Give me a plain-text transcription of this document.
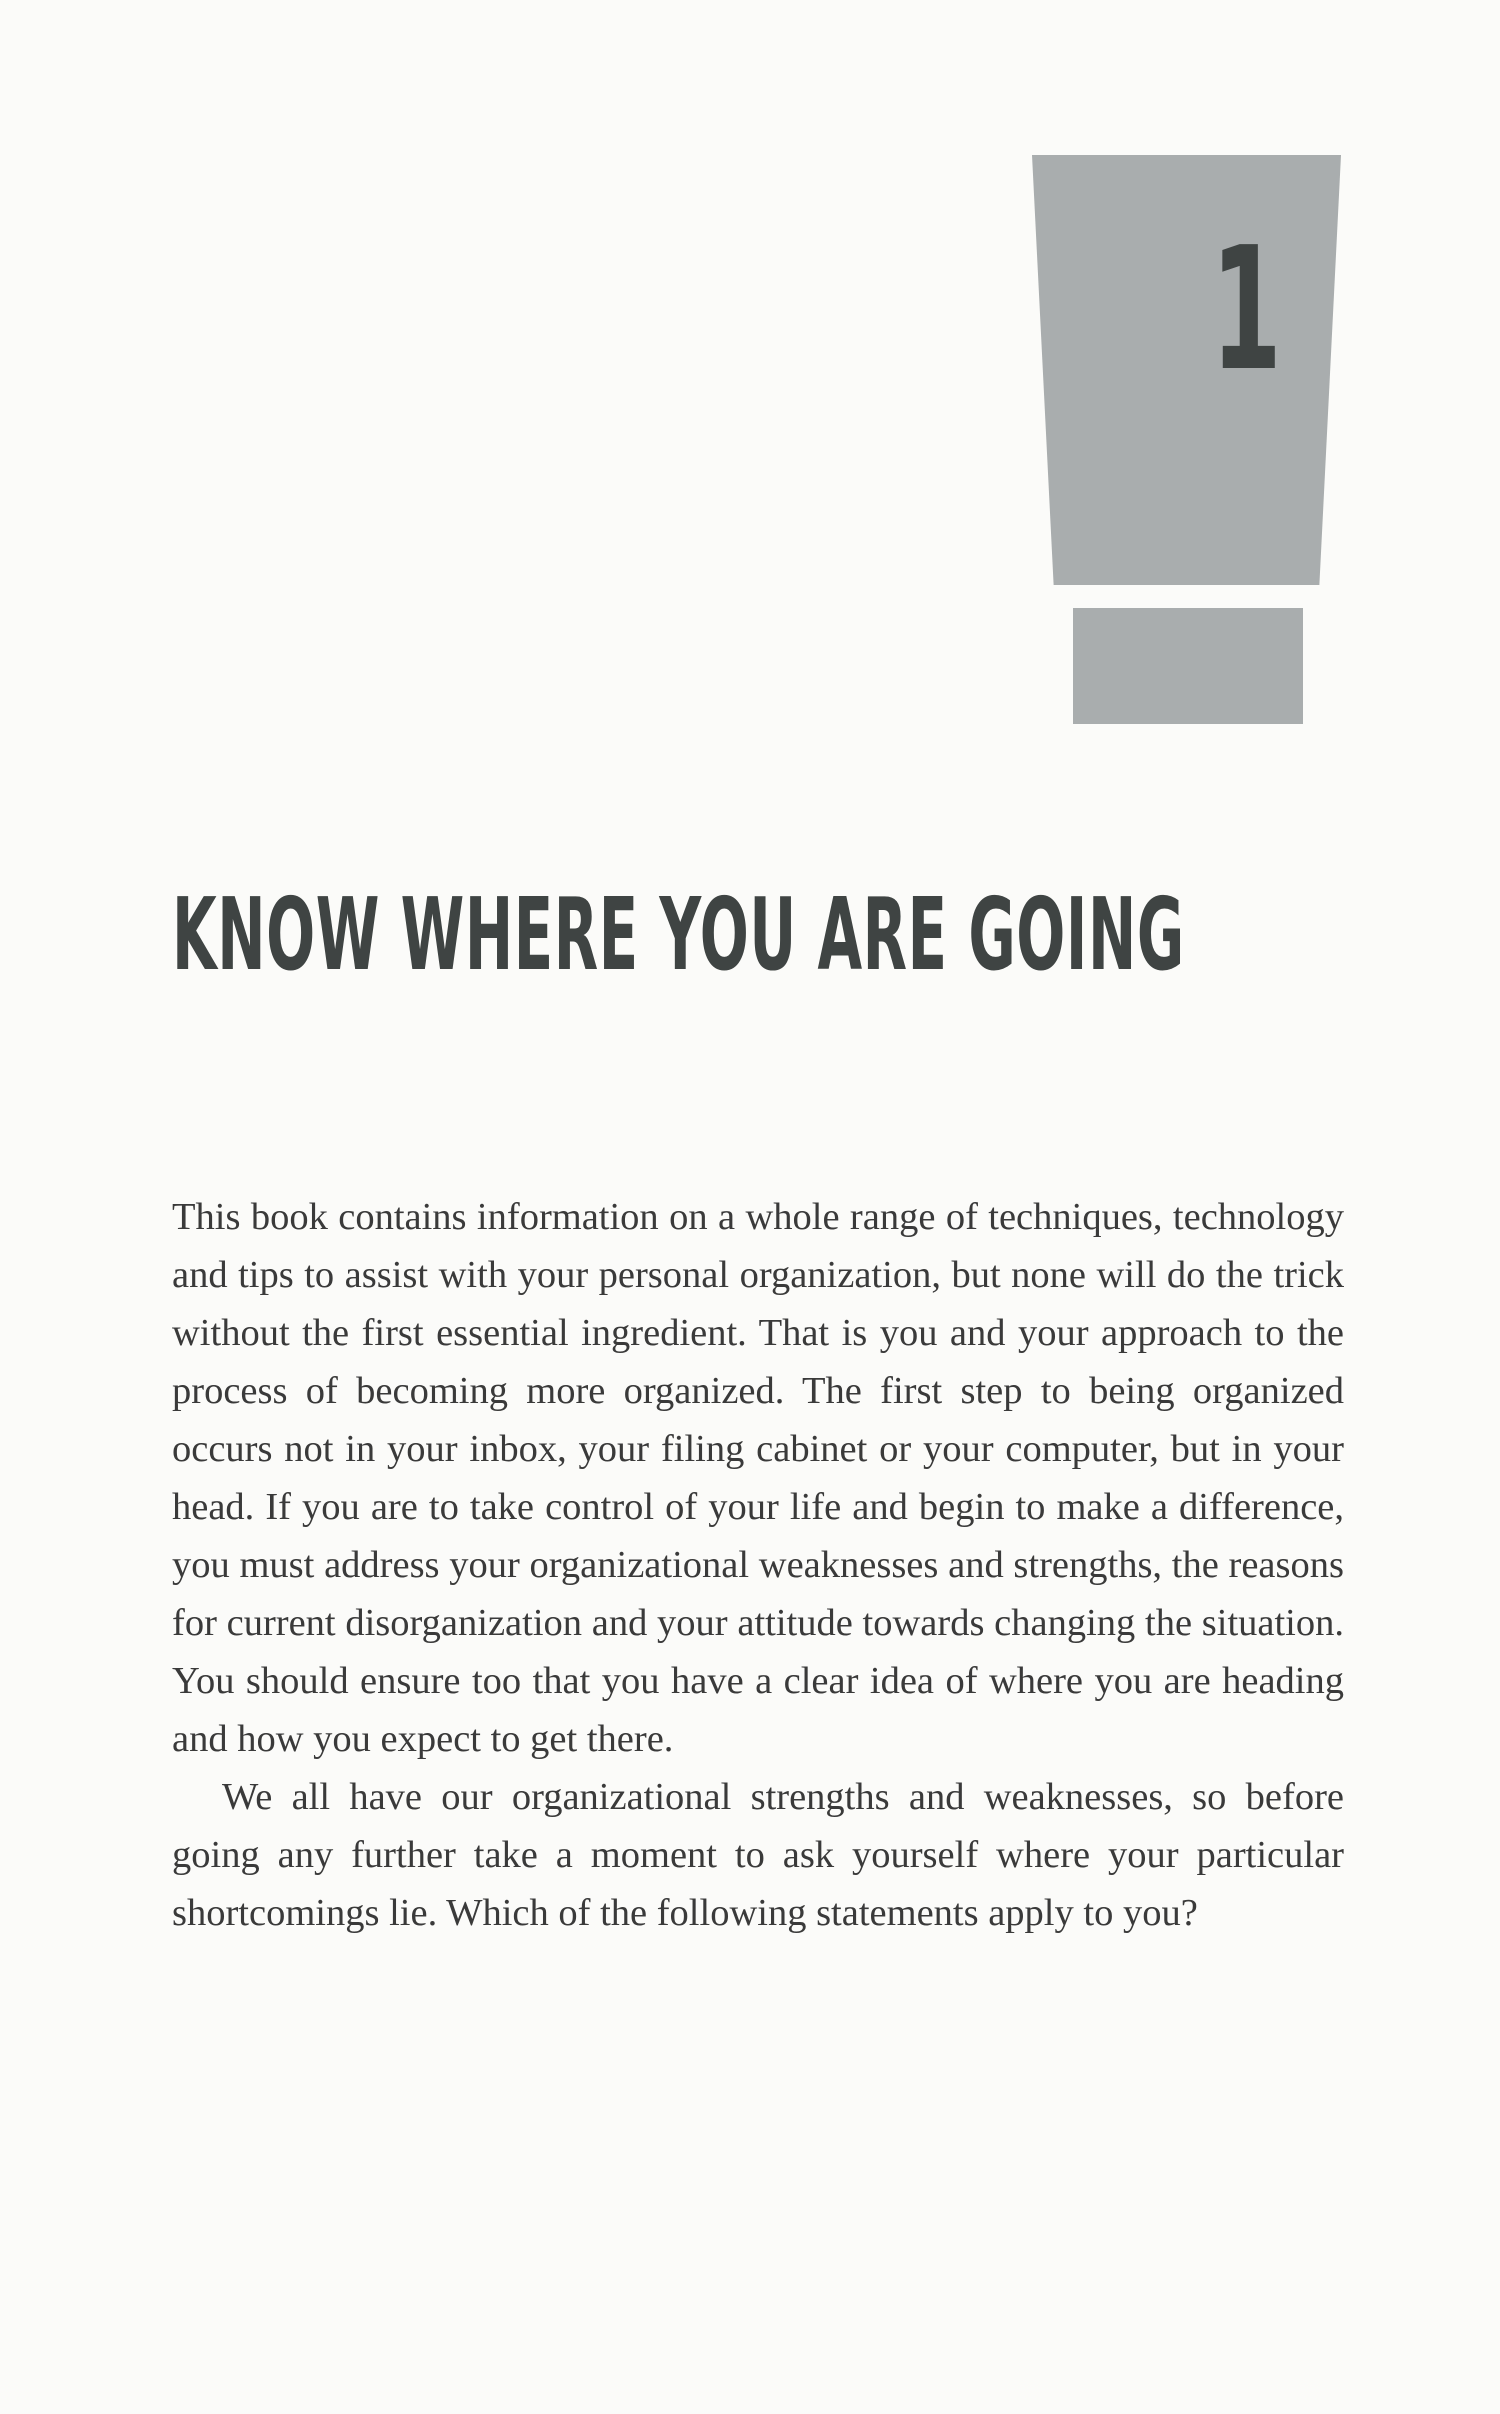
1
KNOW WHERE YOU ARE GOING

This book contains information on a whole range of techniques, technology and tips to assist with your personal organization, but none will do the trick without the first essential ingredient. That is you and your approach to the process of becoming more organized. The first step to being organized occurs not in your inbox, your filing cabinet or your computer, but in your head. If you are to take control of your life and begin to make a difference, you must address your organizational weaknesses and strengths, the reasons for current disorganization and your attitude towards changing the situation. You should ensure too that you have a clear idea of where you are heading and how you expect to get there.

We all have our organizational strengths and weaknesses, so before going any further take a moment to ask yourself where your particular shortcomings lie. Which of the following statements apply to you?
